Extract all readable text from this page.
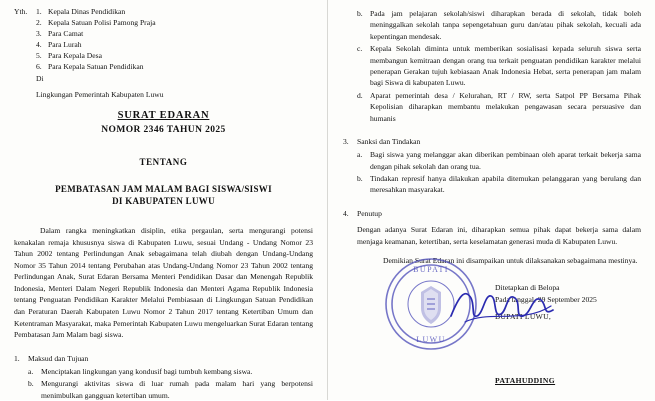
Yth.	1. Kepala Dinas Pendidikan
2. Kepala Satuan Polisi Pamong Praja
3. Para Camat
4. Para Lurah
5. Para Kepala Desa
6. Para Kepala Satuan Pendidikan
Di
Lingkungan Pemerintah Kabupaten Luwu
SURAT EDARAN
NOMOR 2346 TAHUN 2025
TENTANG
PEMBATASAN JAM MALAM BAGI SISWA/SISWI
DI KABUPATEN LUWU
Dalam rangka meningkatkan disiplin, etika pergaulan, serta mengurangi potensi kenakalan remaja khususnya siswa di Kabupaten Luwu, sesuai Undang - Undang Nomor 23 Tahun 2002 tentang Perlindungan Anak sebagaimana telah diubah dengan Undang-Undang Nomor 35 Tahun 2014 tentang Perubahan atas Undang-Undang Nomor 23 Tahun 2002 tentang Perlindungan Anak, Surat Edaran Bersama Menteri Pendidikan Dasar dan Menengah Republik Indonesia, Menteri Dalam Negeri Republik Indonesia dan Menteri Agama Republik Indonesia tentang Penguatan Pendidikan Karakter Melalui Pembiasaan di Lingkungan Satuan Pendidikan dan Peraturan Daerah Kabupaten Luwu Nomor 2 Tahun 2017 tentang Ketertiban Umum dan Ketentraman Masyarakat, maka Pemerintah Kabupaten Luwu mengeluarkan Surat Edaran tentang Pembatasan Jam Malam bagi siswa.
1.	Maksud dan Tujuan
a.	Menciptakan lingkungan yang kondusif bagi tumbuh kembang siswa.
b. Mengurangi aktivitas siswa di luar rumah pada malam hari yang berpotensi menimbulkan gangguan ketertiban umum.
b. Pada jam pelajaran sekolah/siswi diharapkan berada di sekolah, tidak boleh meninggalkan sekolah tanpa sepengetahuan guru dan/atau pihak sekolah, kecuali ada kepentingan mendesak.
c.	Kepala Sekolah diminta untuk memberikan sosialisasi kepada seluruh siswa serta membangun kemitraan dengan orang tua terkait penguatan pendidikan karakter melalui penerapan Gerakan tujuh kebiasaan Anak Indonesia Hebat, serta penerapan jam malam bagi Siswa di kabupaten Luwu.
d. Aparat pemerintah desa / Kelurahan, RT / RW, serta Satpol PP Bersama Pihak Kepolisian diharapkan membantu melakukan pengawasan secara persuasive dan humanis
3.	Sanksi dan Tindakan
a.	Bagi siswa yang melanggar akan diberikan pembinaan oleh aparat terkait bekerja sama dengan pihak sekolah dan orang tua.
b. Tindakan represif hanya dilakukan apabila ditemukan pelanggaran yang berulang dan meresahkan masyarakat.
4.	Penutup
Dengan adanya Surat Edaran ini, diharapkan semua pihak dapat bekerja sama dalam menjaga keamanan, ketertiban, serta keselamatan generasi muda di Kabupaten Luwu.
Demikian Surat Edaran ini disampaikan untuk dilaksanakan sebagaimana mestinya.
Ditetapkan di Belopa
Pada tanggal, 29 September 2025
BUPATI LUWU,
PATAHUDDING
BUPATI
LUWU
